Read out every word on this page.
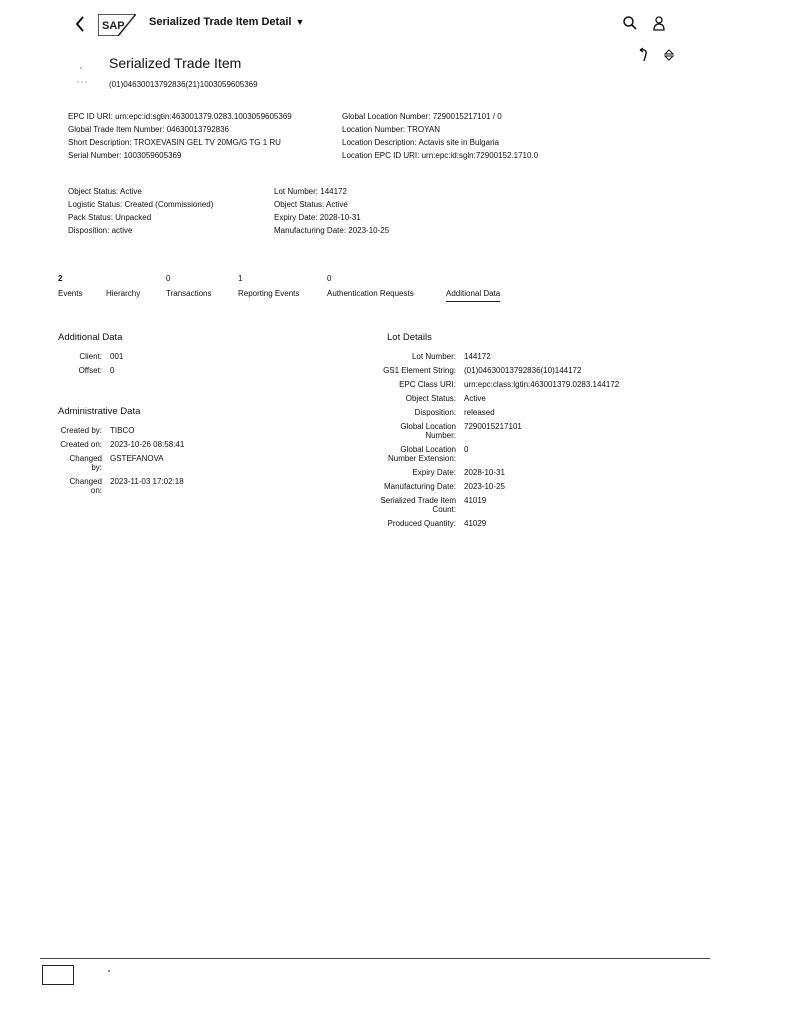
SAP Serialized Trade Item Detail ▼
Serialized Trade Item
(01)04630013792836(21)1003059605369
EPC ID URI: urn:epc:id:sgtin:463001379.0283.1003059605369
Global Trade Item Number: 04630013792836
Short Description: TROXEVASIN GEL TV 20MG/G TG 1 RU
Serial Number: 1003059605369
Global Location Number: 7290015217101 / 0
Location Number: TROYAN
Location Description: Actavis site in Bulgaria
Location EPC ID URI: urn:epc:id:sgln:72900152.1710.0
Object Status: Active
Logistic Status: Created (Commissioned)
Pack Status: Unpacked
Disposition: active
Lot Number: 144172
Object Status: Active
Expiry Date: 2028-10-31
Manufacturing Date: 2023-10-25
2
Events	Hierarchy
0
Transactions
1
Reporting Events
0
Authentication Requests	Additional Data
Additional Data
Client: 001
Offset: 0
Administrative Data
Created by: TIBCO
Created on: 2023-10-26 08:58:41
Changed by:
GSTEFANOVA
Changed on:
2023-11-03 17:02:18
Lot Details
Lot Number: 144172
GS1 Element String: (01)04630013792836(10)144172
EPC Class URI: urn:epc:class:lgtin:463001379.0283.144172
Object Status: Active
Disposition: released
Global Location Number:
7290015217101
Global Location Number Extension:
0
Expiry Date: 2028-10-31
Manufacturing Date: 2023-10-25
Serialized Trade Item Count:
41019
Produced Quantity: 41029
